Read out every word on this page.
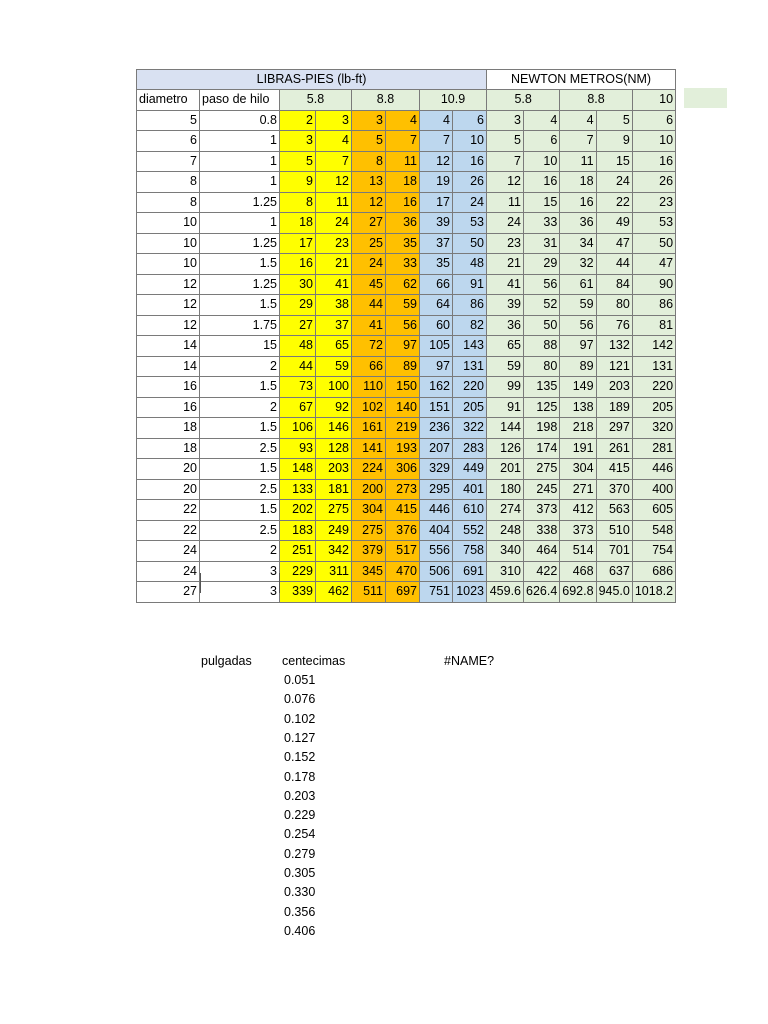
LIBRAS-PIES (lb-ft)								NEWTON METROS(NM)				
diametro	paso de hilo	5.8		8.8		10.9		5.8		8.8		10
5	0.8	2	3	3	4	4	6	3	4	4	5	6
6	1	3	4	5	7	7	10	5	6	7	9	10
7	1	5	7	8	11	12	16	7	10	11	15	16
8	1	9	12	13	18	19	26	12	16	18	24	26
8	1.25	8	11	12	16	17	24	11	15	16	22	23
10	1	18	24	27	36	39	53	24	33	36	49	53
10	1.25	17	23	25	35	37	50	23	31	34	47	50
10	1.5	16	21	24	33	35	48	21	29	32	44	47
12	1.25	30	41	45	62	66	91	41	56	61	84	90
12	1.5	29	38	44	59	64	86	39	52	59	80	86
12	1.75	27	37	41	56	60	82	36	50	56	76	81
14	15	48	65	72	97	105	143	65	88	97	132	142
14	2	44	59	66	89	97	131	59	80	89	121	131
16	1.5	73	100	110	150	162	220	99	135	149	203	220
16	2	67	92	102	140	151	205	91	125	138	189	205
18	1.5	106	146	161	219	236	322	144	198	218	297	320
18	2.5	93	128	141	193	207	283	126	174	191	261	281
20	1.5	148	203	224	306	329	449	201	275	304	415	446
20	2.5	133	181	200	273	295	401	180	245	271	370	400
22	1.5	202	275	304	415	446	610	274	373	412	563	605
22	2.5	183	249	275	376	404	552	248	338	373	510	548
24	2	251	342	379	517	556	758	340	464	514	701	754
24	3	229	311	345	470	506	691	310	422	468	637	686
27	3	339	462	511	697	751	1023	459.6	626.4	692.8	945.0	1018.2
pulgadas centecimas	#NAME?
0.051
0.076
0.102
0.127
0.152
0.178
0.203
0.229
0.254
0.279
0.305
0.330
0.356
0.406
